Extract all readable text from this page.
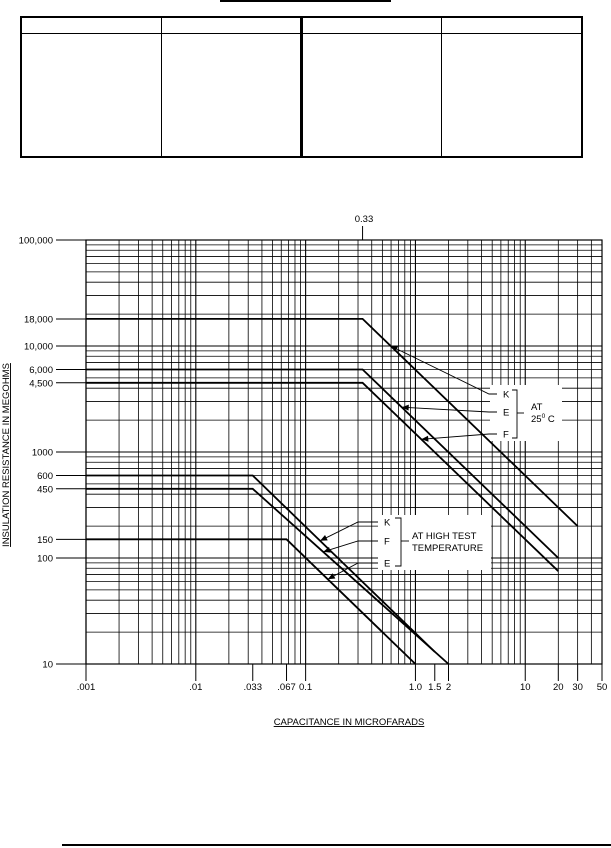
100,000
18,000
10,000
6,000
4,500
1000
600
450
150
100
10
.001	.01	.033 .067 0.1	1.0 1.5 2	10 20 30 50
K
E
F
AT
$25^0$ C
K
F
E
AT HIGH TEST
TEMPERATURE
CAPACITANCE IN MICROFARADS
INSULATION RESISTANCE IN MEGOHMS
0.33
